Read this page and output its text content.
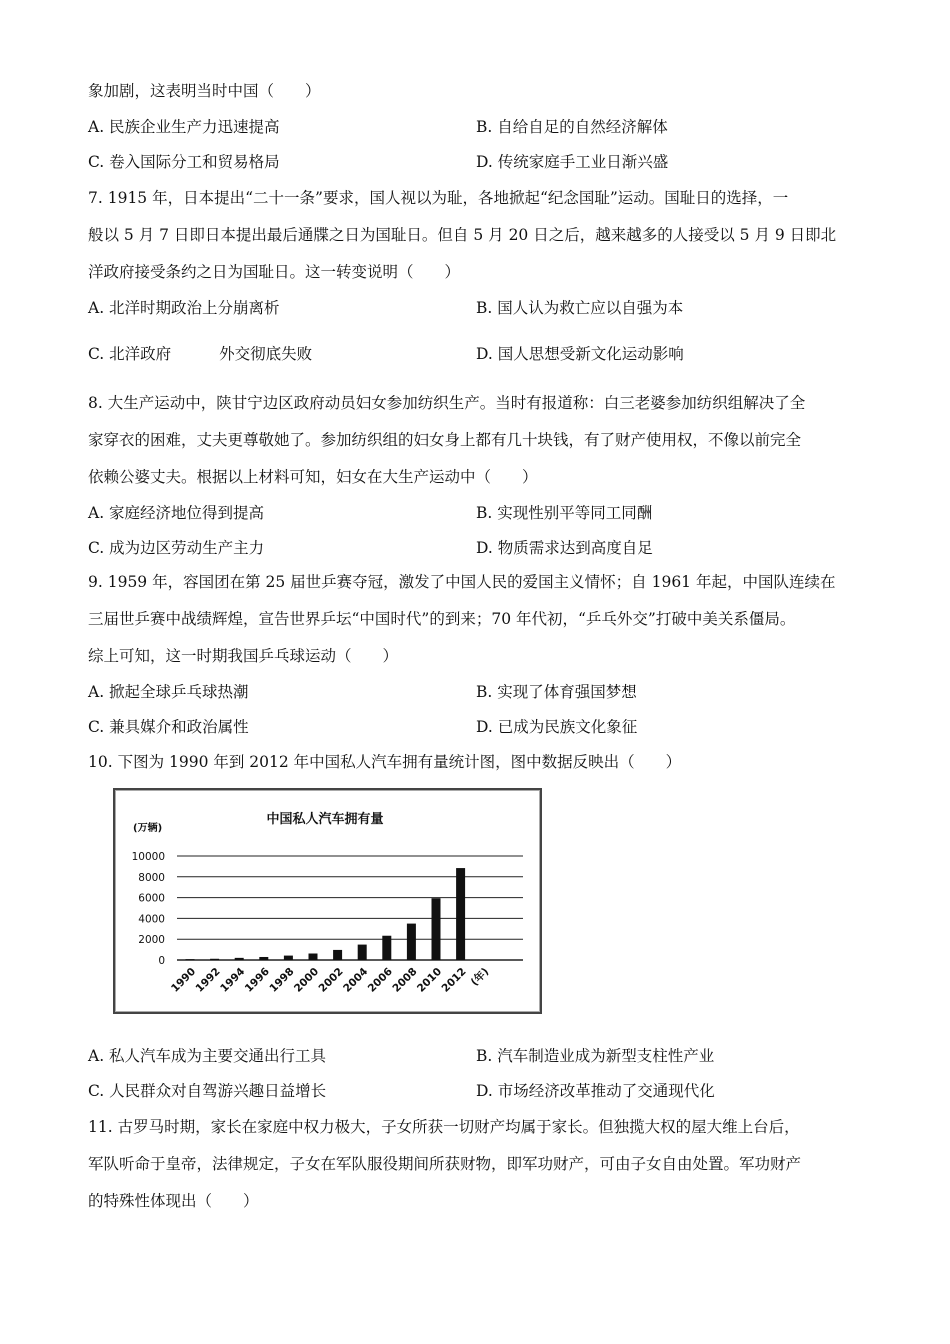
象加剧，这表明当时中国（　　）
A. 民族企业生产力迅速提高	B. 自给自足的自然经济解体
C. 卷入国际分工和贸易格局	D. 传统家庭手工业日渐兴盛
7. 1915 年，日本提出“二十一条”要求，国人视以为耻，各地掀起“纪念国耻”运动。国耻日的选择，一
般以 5 月 7 日即日本提出最后通牒之日为国耻日。但自 5 月 20 日之后，越来越多的人接受以 5 月 9 日即北
洋政府接受条约之日为国耻日。这一转变说明（　　）
A. 北洋时期政治上分崩离析	B. 国人认为救亡应以自强为本
C. 北洋政府	外交彻底失败	D. 国人思想受新文化运动影响
8. 大生产运动中，陕甘宁边区政府动员妇女参加纺织生产。当时有报道称：白三老婆参加纺织组解决了全
家穿衣的困难，丈夫更尊敬她了。参加纺织组的妇女身上都有几十块钱，有了财产使用权，不像以前完全
依赖公婆丈夫。根据以上材料可知，妇女在大生产运动中（　　）
A. 家庭经济地位得到提高	B. 实现性别平等同工同酬
C. 成为边区劳动生产主力	D. 物质需求达到高度自足
9. 1959 年，容国团在第 25 届世乒赛夺冠，激发了中国人民的爱国主义情怀；自 1961 年起，中国队连续在
三届世乒赛中战绩辉煌，宣告世界乒坛“中国时代”的到来；70 年代初，“乒乓外交”打破中美关系僵局。
综上可知，这一时期我国乒乓球运动（　　）
A. 掀起全球乒乓球热潮	B. 实现了体育强国梦想
C. 兼具媒介和政治属性	D. 已成为民族文化象征
10. 下图为 1990 年到 2012 年中国私人汽车拥有量统计图，图中数据反映出（　　）
中国私人汽车拥有量
(万辆)
10000
8000
6000
4000
2000
0
1990
1992
1994
1996
1998
2000
2002
2004
2006
2008
2010
2012 (年)
A. 私人汽车成为主要交通出行工具	B. 汽车制造业成为新型支柱性产业
C. 人民群众对自驾游兴趣日益增长	D. 市场经济改革推动了交通现代化
11. 古罗马时期，家长在家庭中权力极大，子女所获一切财产均属于家长。但独揽大权的屋大维上台后，
军队听命于皇帝，法律规定，子女在军队服役期间所获财物，即军功财产，可由子女自由处置。军功财产
的特殊性体现出（　　）
